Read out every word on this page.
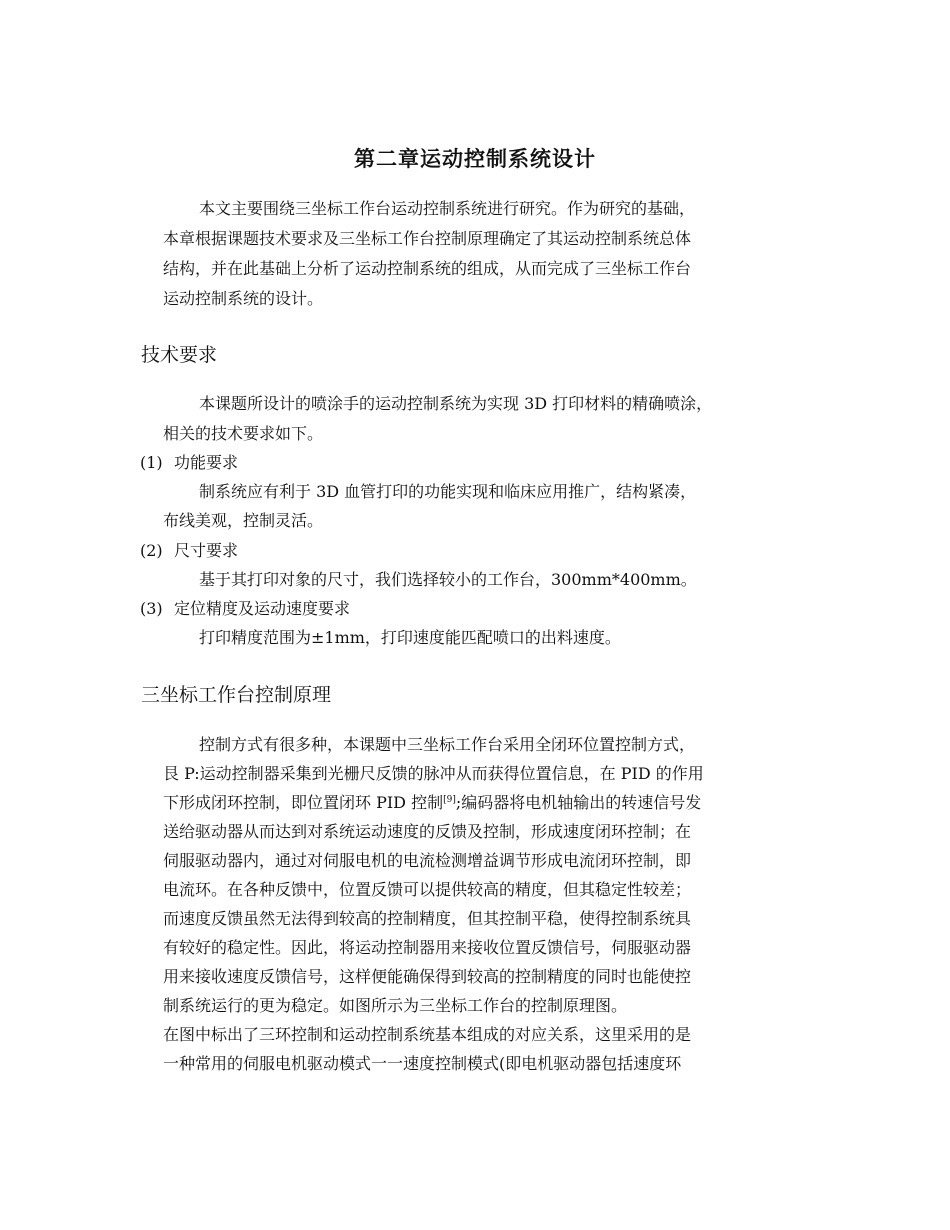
第二章运动控制系统设计
本文主要围绕三坐标工作台运动控制系统进行研究。作为研究的基础，
本章根据课题技术要求及三坐标工作台控制原理确定了其运动控制系统总体
结构，并在此基础上分析了运动控制系统的组成，从而完成了三坐标工作台
运动控制系统的设计。
技术要求
本课题所设计的喷涂手的运动控制系统为实现 3D 打印材料的精确喷涂，
相关的技术要求如下。
(1) 功能要求
制系统应有利于 3D 血管打印的功能实现和临床应用推广，结构紧凑，
布线美观，控制灵活。
(2) 尺寸要求
基于其打印对象的尺寸，我们选择较小的工作台，300mm*400mm。
(3) 定位精度及运动速度要求
打印精度范围为±1mm，打印速度能匹配喷口的出料速度。
三坐标工作台控制原理
控制方式有很多种，本课题中三坐标工作台采用全闭环位置控制方式，
艮 P:运动控制器采集到光栅尺反馈的脉冲从而获得位置信息，在 PID 的作用
下形成闭环控制，即位置闭环 PID 控制[9];编码器将电机轴输出的转速信号发
送给驱动器从而达到对系统运动速度的反馈及控制，形成速度闭环控制；在
伺服驱动器内，通过对伺服电机的电流检测增益调节形成电流闭环控制，即
电流环。在各种反馈中，位置反馈可以提供较高的精度，但其稳定性较差；
而速度反馈虽然无法得到较高的控制精度，但其控制平稳，使得控制系统具
有较好的稳定性。因此，将运动控制器用来接收位置反馈信号，伺服驱动器
用来接收速度反馈信号，这样便能确保得到较高的控制精度的同时也能使控
制系统运行的更为稳定。如图所示为三坐标工作台的控制原理图。
在图中标出了三环控制和运动控制系统基本组成的对应关系，这里采用的是
一种常用的伺服电机驱动模式一一速度控制模式(即电机驱动器包括速度环
